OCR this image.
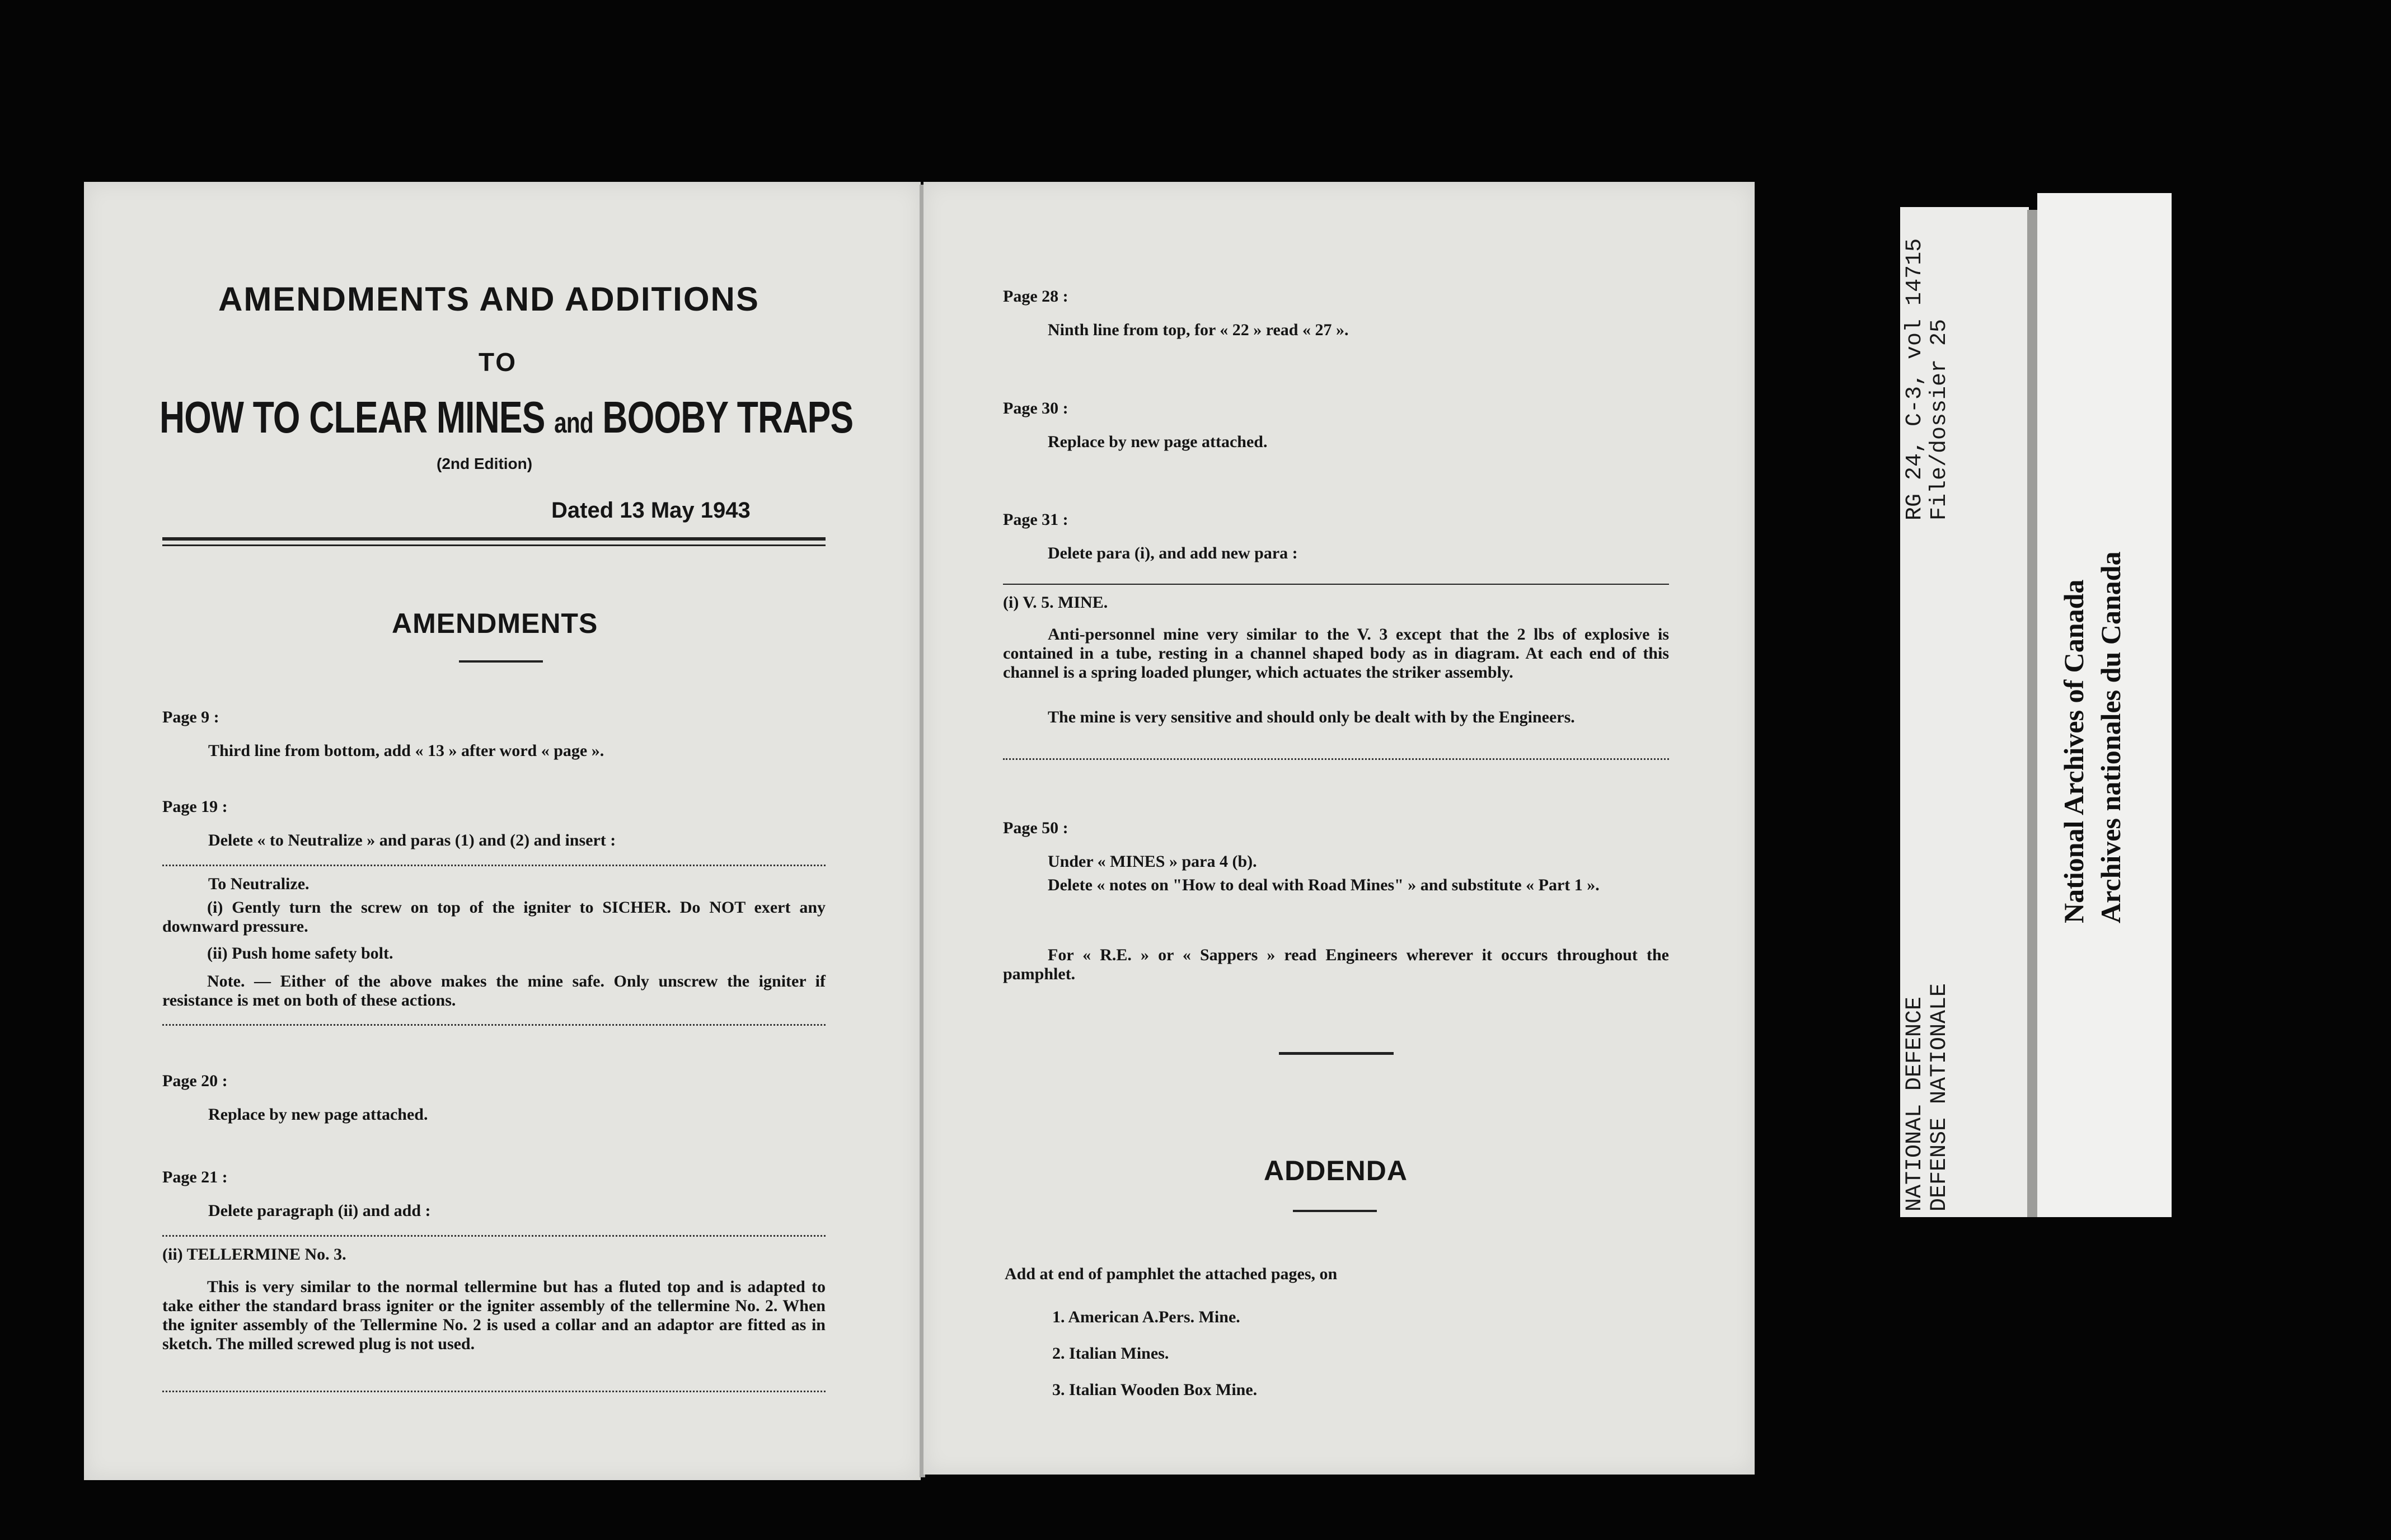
AMENDMENTS AND ADDITIONS
TO
HOW TO CLEAR MINES and BOOBY TRAPS
(2nd Edition)
Dated 13 May 1943
AMENDMENTS
Page 9 :
Third line from bottom, add « 13 » after word « page ».
Page 19 :
Delete « to Neutralize » and paras (1) and (2) and insert :
To Neutralize.
(i) Gently turn the screw on top of the igniter to SICHER. Do NOT exert any downward pressure.
(ii) Push home safety bolt.
Note. — Either of the above makes the mine safe. Only unscrew the igniter if resistance is met on both of these actions.
Page 20 :
Replace by new page attached.
Page 21 :
Delete paragraph (ii) and add :
(ii) TELLERMINE No. 3.
This is very similar to the normal tellermine but has a fluted top and is adapted to take either the standard brass igniter or the igniter assembly of the tellermine No. 2. When the igniter assembly of the Tellermine No. 2 is used a collar and an adaptor are fitted as in sketch. The milled screwed plug is not used.
Page 28 :
Ninth line from top, for « 22 » read « 27 ».
Page 30 :
Replace by new page attached.
Page 31 :
Delete para (i), and add new para :
(i) V. 5. MINE.
Anti-personnel mine very similar to the V. 3 except that the 2 lbs of explosive is contained in a tube, resting in a channel shaped body as in diagram. At each end of this channel is a spring loaded plunger, which actuates the striker assembly.
The mine is very sensitive and should only be dealt with by the Engineers.
Page 50 :
Under « MINES » para 4 (b).
Delete « notes on "How to deal with Road Mines" » and substitute « Part 1 ».
For « R.E. » or « Sappers » read Engineers wherever it occurs throughout the pamphlet.
ADDENDA
Add at end of pamphlet the attached pages, on
1. American A.Pers. Mine.
2. Italian Mines.
3. Italian Wooden Box Mine.
RG 24, C-3, vol 14715 File/dossier 25
NATIONAL DEFENCE DEFENSE NATIONALE
National Archives of Canada Archives nationales du Canada
